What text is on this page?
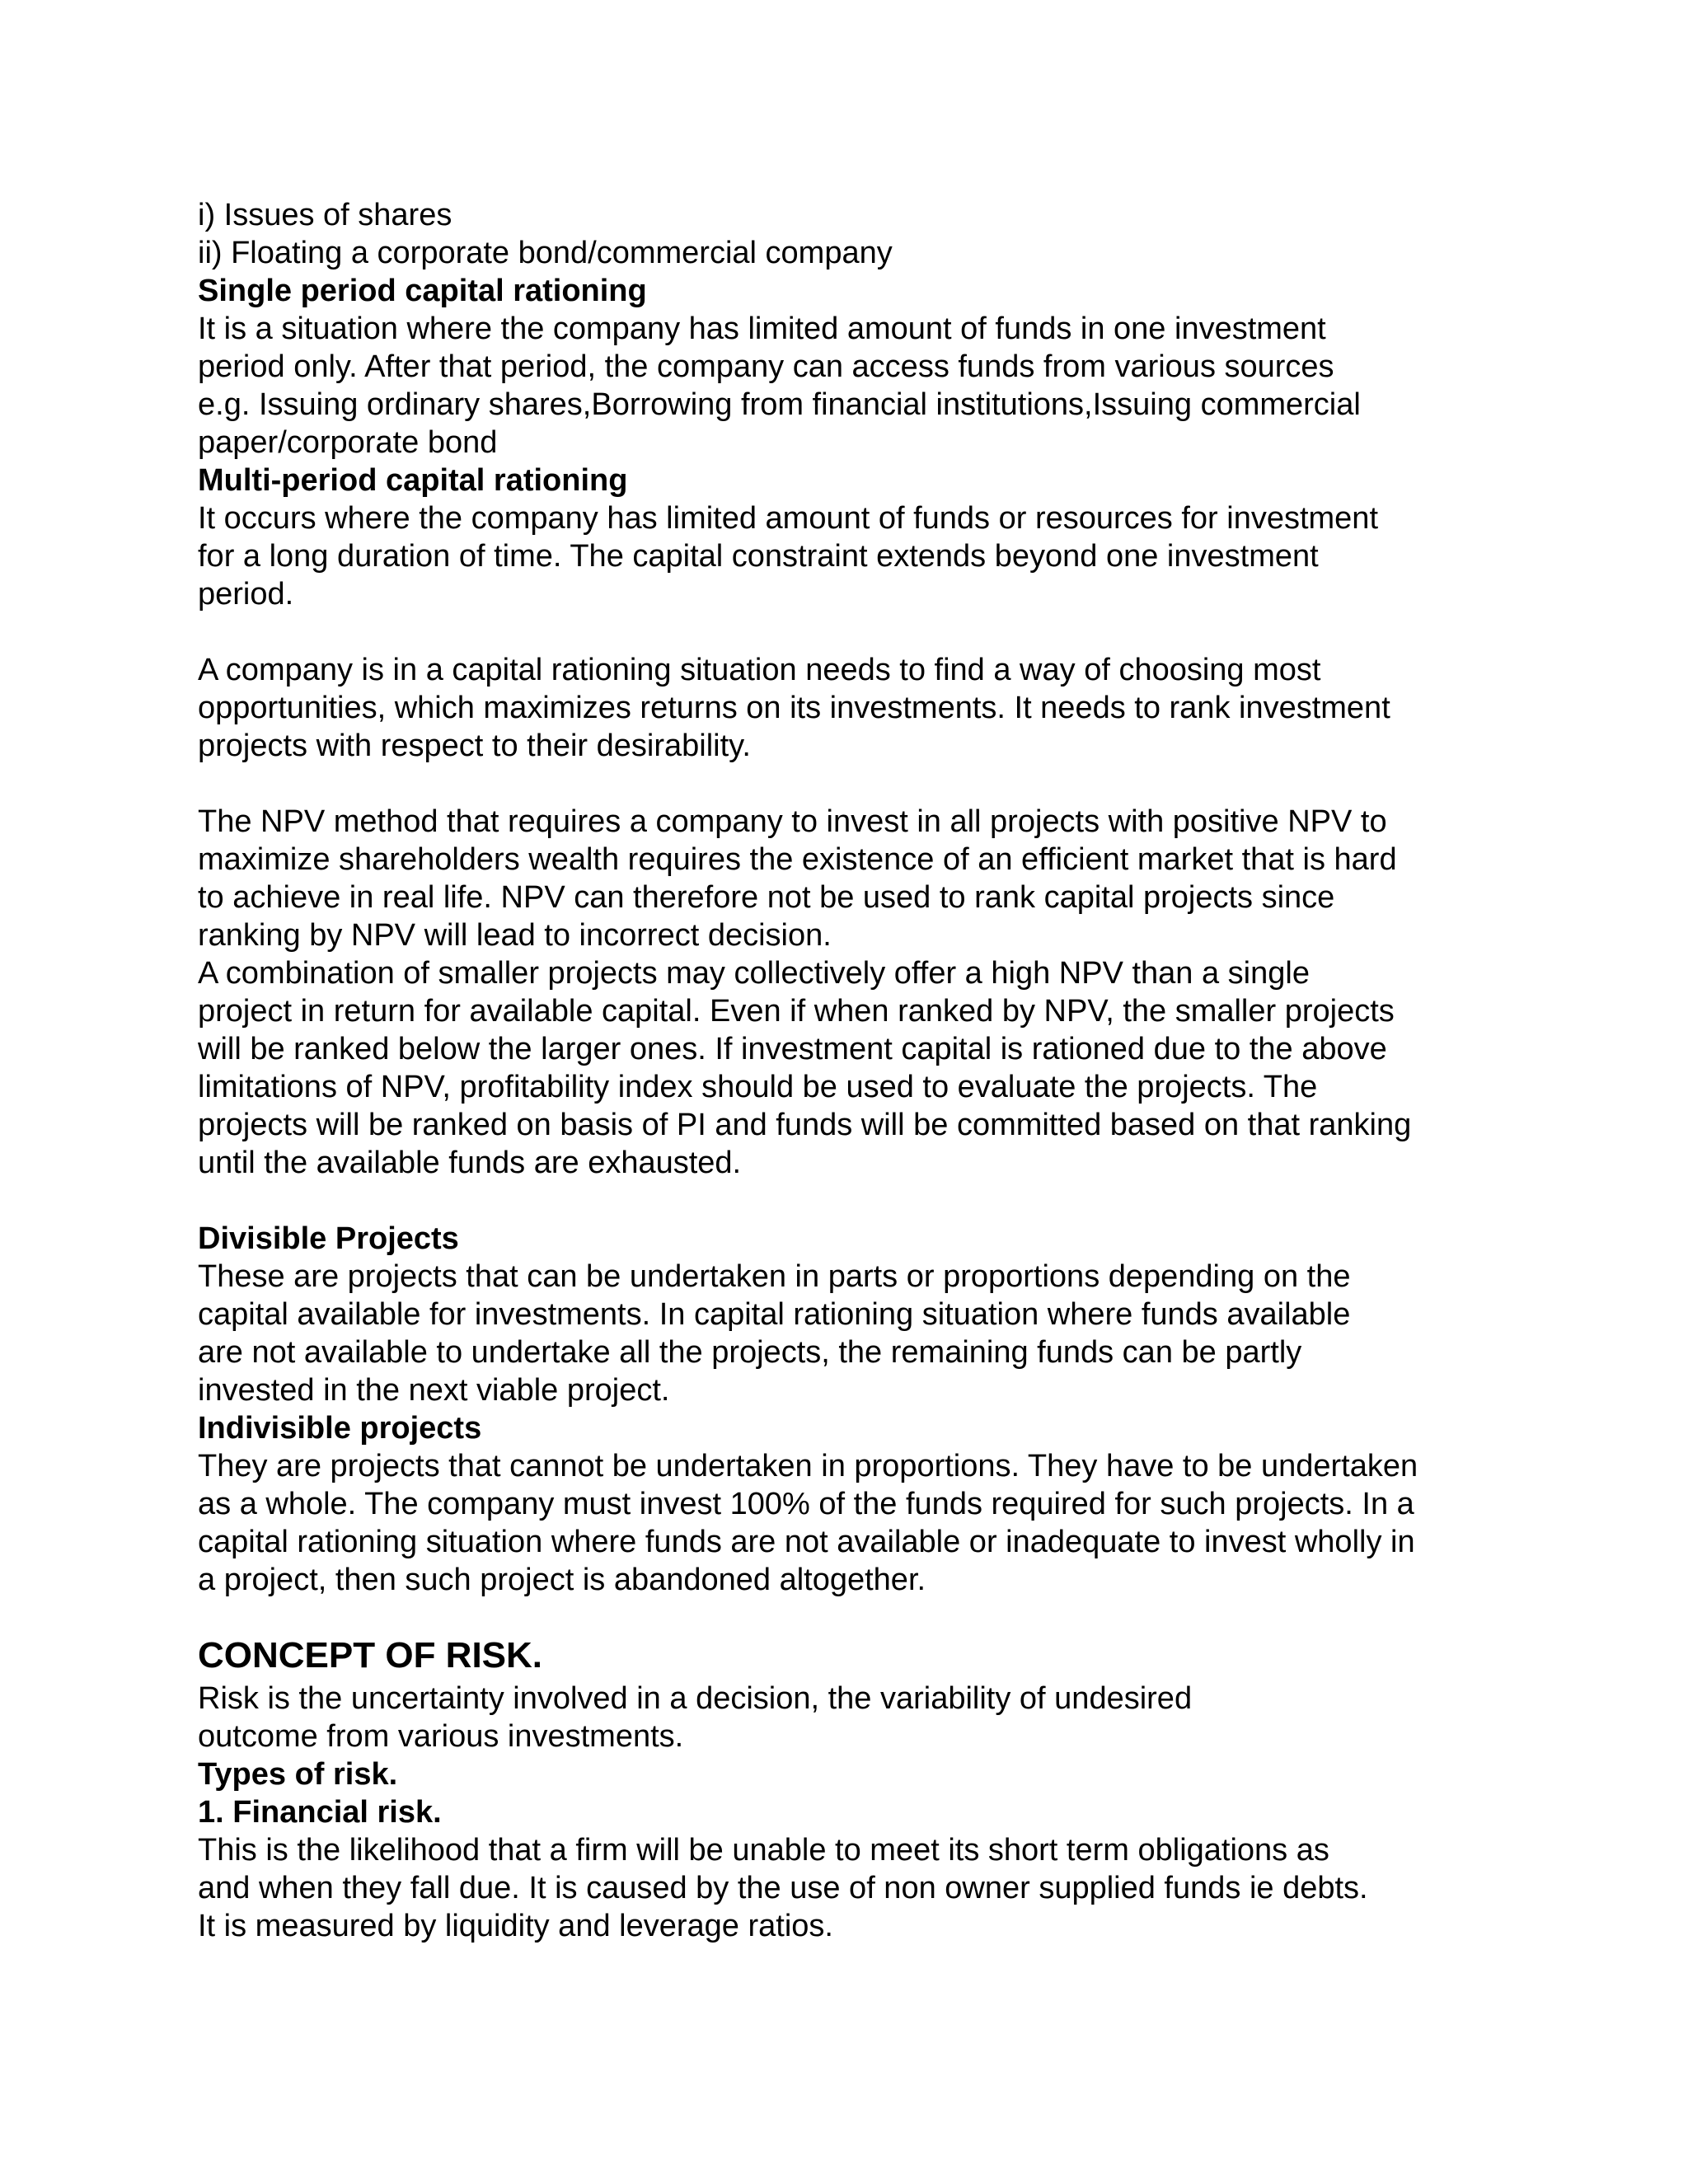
i) Issues of shares

ii) Floating a corporate bond/commercial company

Single period capital rationing

It is a situation where the company has limited amount of funds in one investment

period only. After that period, the company can access funds from various sources

e.g. Issuing ordinary shares,Borrowing from financial institutions,Issuing commercial

paper/corporate bond

Multi-period capital rationing

It occurs where the company has limited amount of funds or resources for investment

for a long duration of time. The capital constraint extends beyond one investment

period.

A company is in a capital rationing situation needs to find a way of choosing most

opportunities, which maximizes returns on its investments. It needs to rank investment

projects with respect to their desirability.

The NPV method that requires a company to invest in all projects with positive NPV to

maximize shareholders wealth requires the existence of an efficient market that is hard

to achieve in real life. NPV can therefore not be used to rank capital projects since

ranking by NPV will lead to incorrect decision.

A combination of smaller projects may collectively offer a high NPV than a single

project in return for available capital. Even if when ranked by NPV, the smaller projects

will be ranked below the larger ones. If investment capital is rationed due to the above

limitations of NPV, profitability index should be used to evaluate the projects. The

projects will be ranked on basis of PI and funds will be committed based on that ranking

until the available funds are exhausted.

Divisible Projects

These are projects that can be undertaken in parts or proportions depending on the

capital available for investments. In capital rationing situation where funds available

are not available to undertake all the projects, the remaining funds can be partly

invested in the next viable project.

Indivisible projects

They are projects that cannot be undertaken in proportions. They have to be undertaken

as a whole. The company must invest 100% of the funds required for such projects. In a

capital rationing situation where funds are not available or inadequate to invest wholly in

a project, then such project is abandoned altogether.

CONCEPT OF RISK.

Risk is the uncertainty involved in a decision, the variability of undesired

outcome from various investments.

Types of risk.

1. Financial risk.

This is the likelihood that a firm will be unable to meet its short term obligations as

and when they fall due. It is caused by the use of non owner supplied funds ie debts.

It is measured by liquidity and leverage ratios.
